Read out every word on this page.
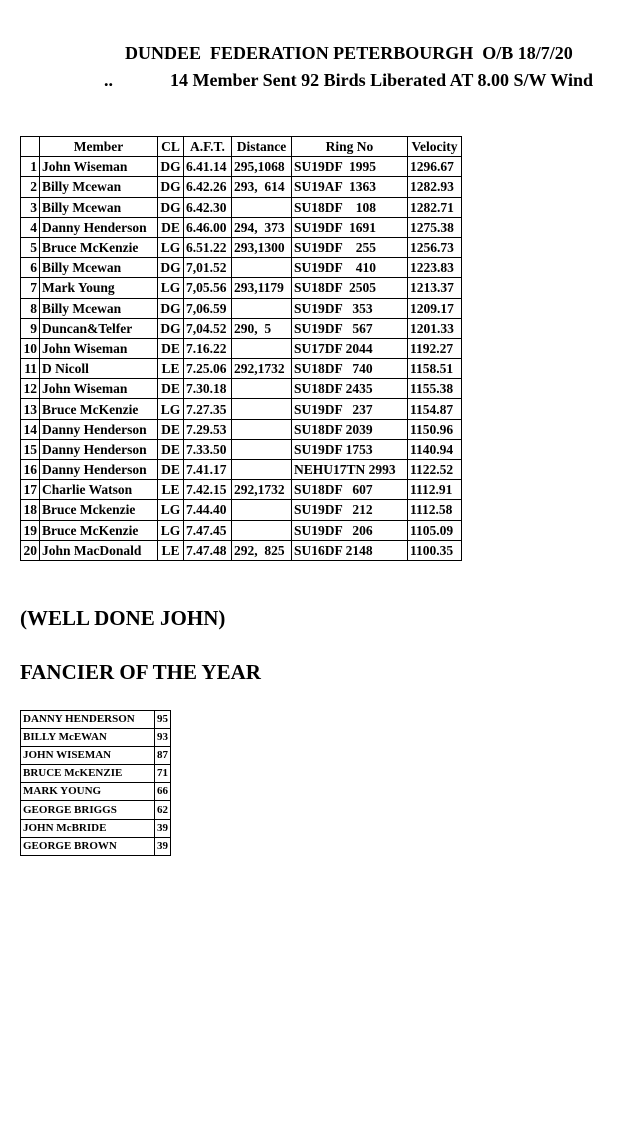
DUNDEE  FEDERATION PETERBOURGH  O/B 18/7/20
..	14 Member Sent 92 Birds Liberated AT 8.00 S/W Wind
	Member	CL	A.F.T.	Distance	Ring No	Velocity
1	John Wiseman	DG	6.41.14	295,1068	SU19DF  1995	1296.67
2	Billy Mcewan	DG	6.42.26	293,  614	SU19AF  1363	1282.93
3	Billy Mcewan	DG	6.42.30		SU18DF    108	1282.71
4	Danny Henderson	DE	6.46.00	294,  373	SU19DF  1691	1275.38
5	Bruce McKenzie	LG	6.51.22	293,1300	SU19DF    255	1256.73
6	Billy Mcewan	DG	7,01.52		SU19DF    410	1223.83
7	Mark Young	LG	7,05.56	293,1179	SU18DF  2505	1213.37
8	Billy Mcewan	DG	7,06.59		SU19DF   353	1209.17
9	Duncan&Telfer	DG	7,04.52	290,  5	SU19DF   567	1201.33
10	John Wiseman	DE	7.16.22		SU17DF 2044	1192.27
11	D Nicoll	LE	7.25.06	292,1732	SU18DF   740	1158.51
12	John Wiseman	DE	7.30.18		SU18DF 2435	1155.38
13	Bruce McKenzie	LG	7.27.35		SU19DF   237	1154.87
14	Danny Henderson	DE	7.29.53		SU18DF 2039	1150.96
15	Danny Henderson	DE	7.33.50		SU19DF 1753	1140.94
16	Danny Henderson	DE	7.41.17		NEHU17TN 2993	1122.52
17	Charlie Watson	LE	7.42.15	292,1732	SU18DF   607	1112.91
18	Bruce Mckenzie	LG	7.44.40		SU19DF   212	1112.58
19	Bruce McKenzie	LG	7.47.45		SU19DF   206	1105.09
20	John MacDonald	LE	7.47.48	292,  825	SU16DF 2148	1100.35
(WELL DONE JOHN)
FANCIER OF THE YEAR
DANNY HENDERSON	95
BILLY McEWAN	93
JOHN WISEMAN	87
BRUCE McKENZIE	71
MARK YOUNG	66
GEORGE BRIGGS	62
JOHN McBRIDE	39
GEORGE BROWN	39
